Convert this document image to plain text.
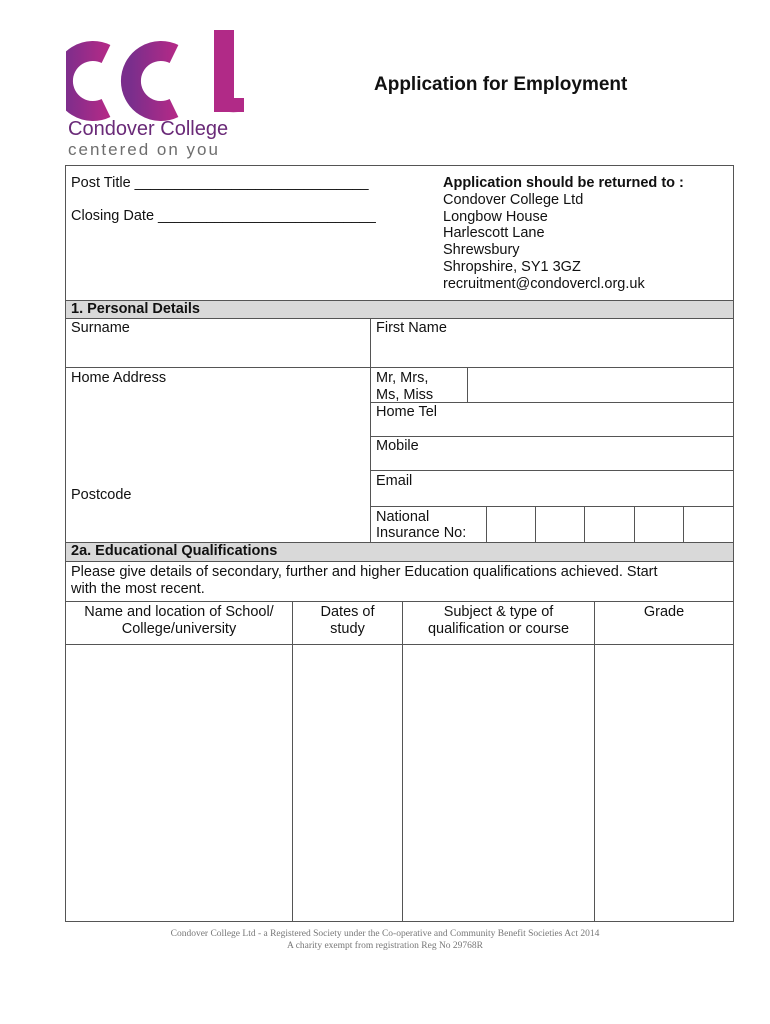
Condover College
centered on you
Application for Employment
Post Title _____________________________
Closing Date ___________________________
Application should be returned to :
Condover College Ltd
Longbow House
Harlescott Lane
Shrewsbury
Shropshire, SY1 3GZ
recruitment@condovercl.org.uk
1. Personal Details
Surname	First Name
Home Address	Mr, Mrs,
Ms, Miss
Home Tel
Mobile
Email
Postcode
National
Insurance No:
2a. Educational Qualifications
Please give details of secondary, further and higher Education qualifications achieved. Start
with the most recent.
Name and location of School/
College/university
Dates of
study
Subject & type of
qualification or course
Grade
Condover College Ltd - a Registered Society under the Co-operative and Community Benefit Societies Act 2014
A charity exempt from registration Reg No 29768R
